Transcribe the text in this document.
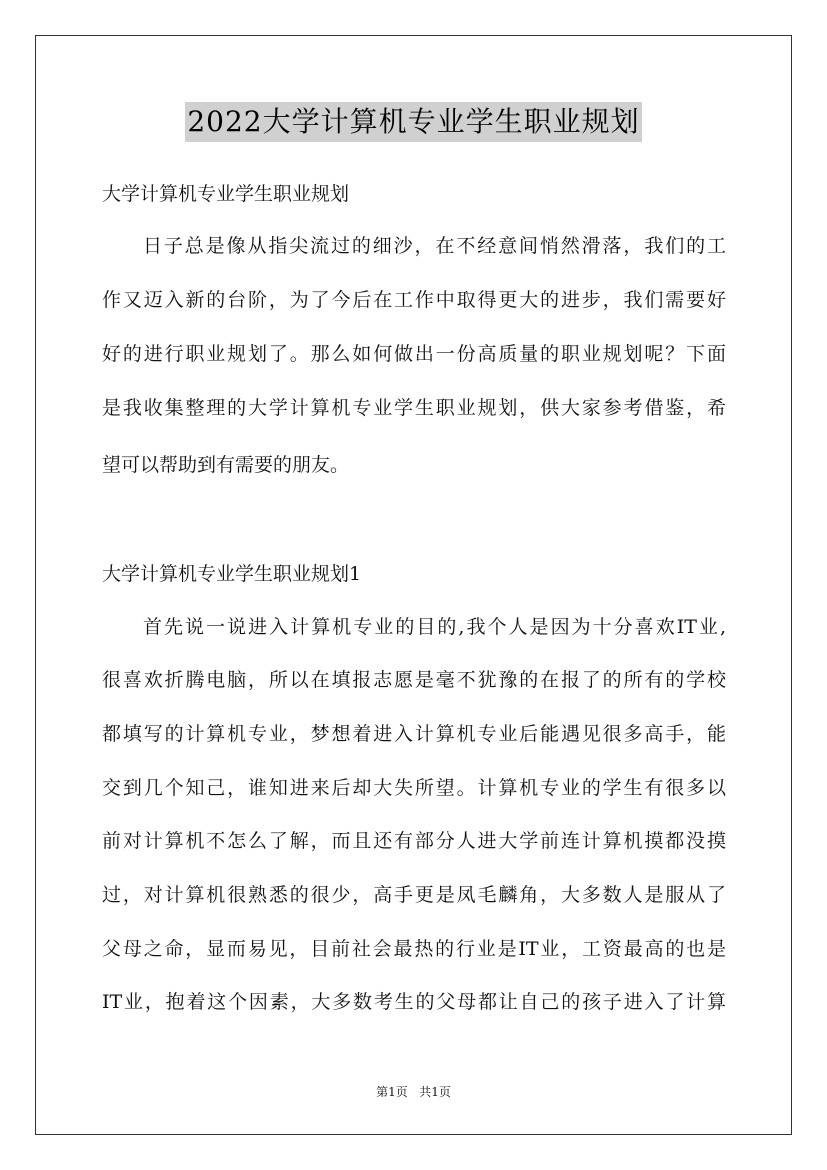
2022大学计算机专业学生职业规划
大学计算机专业学生职业规划
日子总是像从指尖流过的细沙，在不经意间悄然滑落，我们的工
作又迈入新的台阶，为了今后在工作中取得更大的进步，我们需要好
好的进行职业规划了。那么如何做出一份高质量的职业规划呢？下面
是我收集整理的大学计算机专业学生职业规划，供大家参考借鉴，希
望可以帮助到有需要的朋友。
大学计算机专业学生职业规划1
首先说一说进入计算机专业的目的,我个人是因为十分喜欢IT业,
很喜欢折腾电脑，所以在填报志愿是毫不犹豫的在报了的所有的学校
都填写的计算机专业，梦想着进入计算机专业后能遇见很多高手，能
交到几个知己，谁知进来后却大失所望。计算机专业的学生有很多以
前对计算机不怎么了解，而且还有部分人进大学前连计算机摸都没摸
过，对计算机很熟悉的很少，高手更是凤毛麟角，大多数人是服从了
父母之命，显而易见，目前社会最热的行业是IT业，工资最高的也是
IT业，抱着这个因素，大多数考生的父母都让自己的孩子进入了计算
第1页 共1页
